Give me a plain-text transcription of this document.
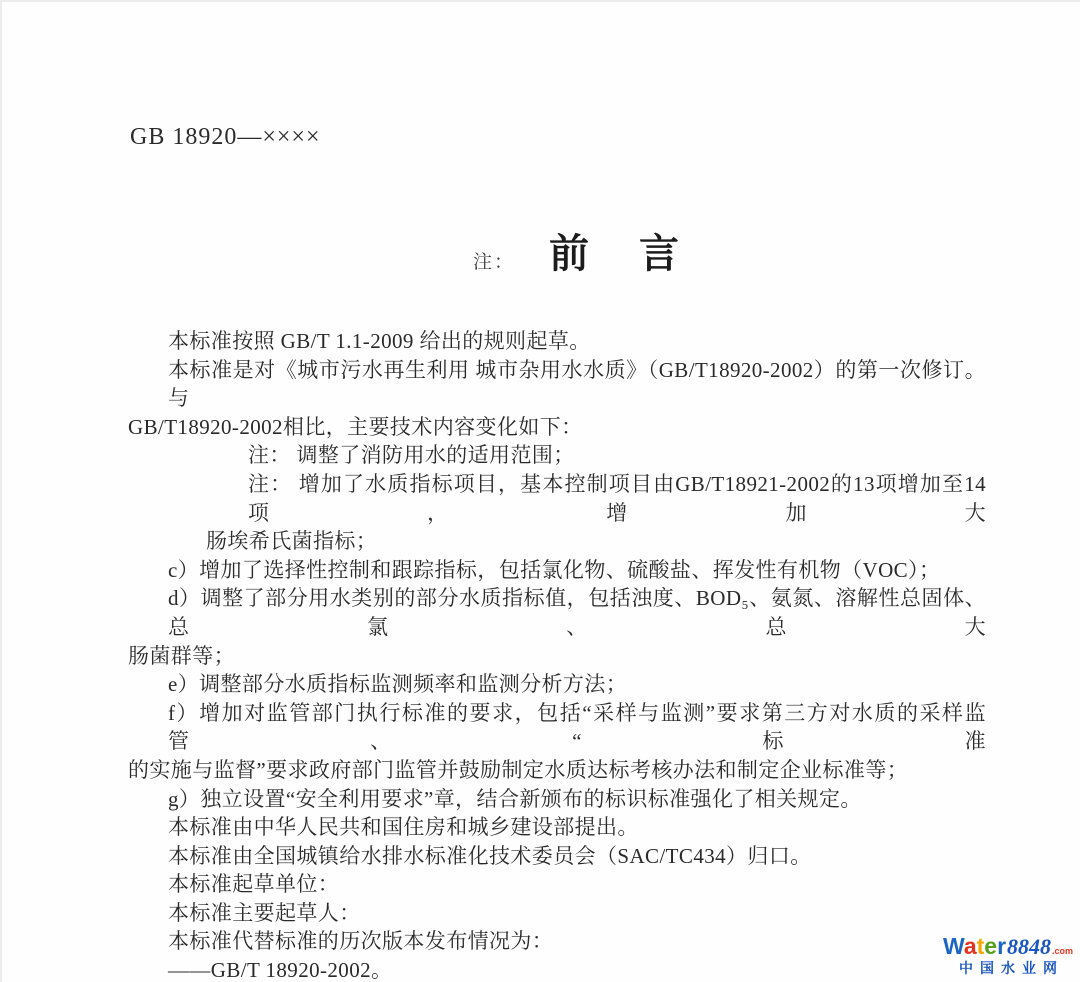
GB 18920—××××
注： 前 言
本标准按照 GB/T 1.1-2009 给出的规则起草。
本标准是对《城市污水再生利用 城市杂用水水质》（GB/T18920-2002）的第一次修订。与
GB/T18920-2002相比，主要技术内容变化如下：
注： 调整了消防用水的适用范围；
注： 增加了水质指标项目，基本控制项目由GB/T18921-2002的13项增加至14项，增加大
肠埃希氏菌指标；
c）增加了选择性控制和跟踪指标，包括氯化物、硫酸盐、挥发性有机物（VOC）；
d）调整了部分用水类别的部分水质指标值，包括浊度、BOD₅、氨氮、溶解性总固体、总氯、总大
肠菌群等；
e）调整部分水质指标监测频率和监测分析方法；
f）增加对监管部门执行标准的要求，包括“采样与监测”要求第三方对水质的采样监管、“标准
的实施与监督”要求政府部门监管并鼓励制定水质达标考核办法和制定企业标准等；
g）独立设置“安全利用要求”章，结合新颁布的标识标准强化了相关规定。
本标准由中华人民共和国住房和城乡建设部提出。
本标准由全国城镇给水排水标准化技术委员会（SAC/TC434）归口。
本标准起草单位：
本标准主要起草人：
本标准代替标准的历次版本发布情况为：
——GB/T 18920-2002。
Water 8848 .com
中国水业网
